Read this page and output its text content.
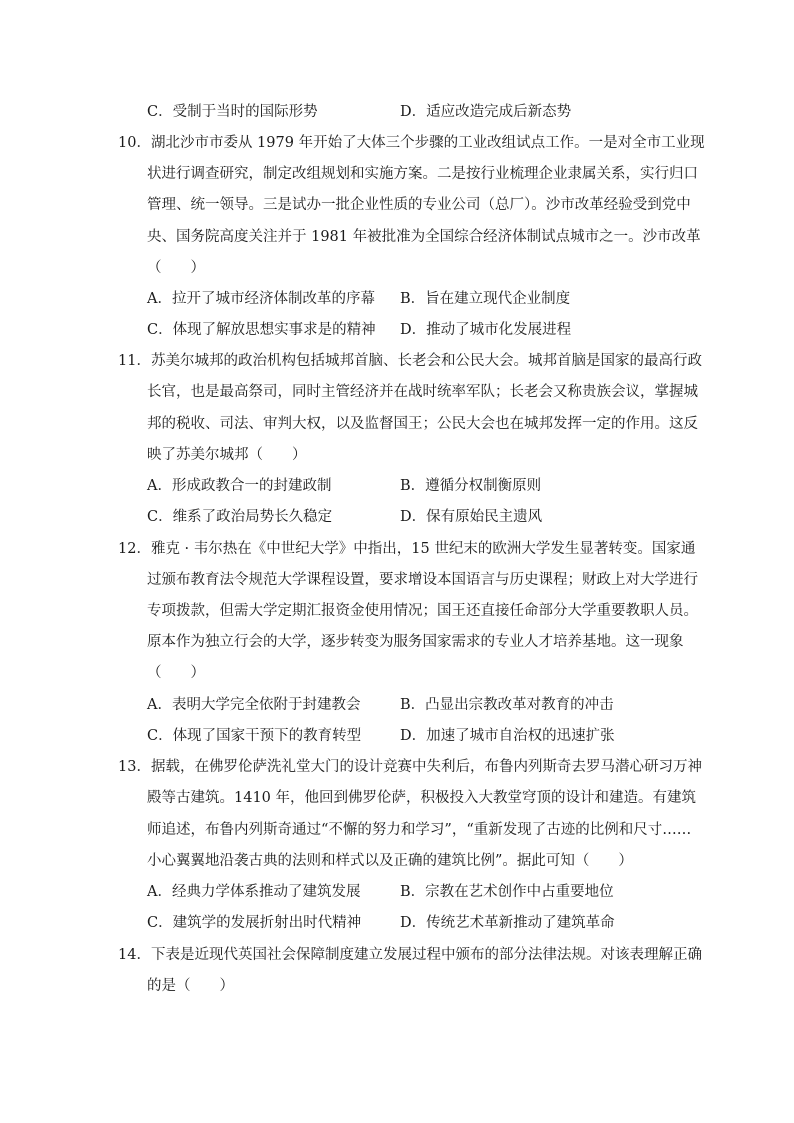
C．受制于当时的国际形势	D．适应改造完成后新态势
10．湖北沙市市委从 1979 年开始了大体三个步骤的工业改组试点工作。一是对全市工业现
状进行调查研究，制定改组规划和实施方案。二是按行业梳理企业隶属关系，实行归口
管理、统一领导。三是试办一批企业性质的专业公司（总厂）。沙市改革经验受到党中
央、国务院高度关注并于 1981 年被批准为全国综合经济体制试点城市之一。沙市改革
（　　）
A．拉开了城市经济体制改革的序幕 B．旨在建立现代企业制度
C．体现了解放思想实事求是的精神 D．推动了城市化发展进程
11．苏美尔城邦的政治机构包括城邦首脑、长老会和公民大会。城邦首脑是国家的最高行政
长官，也是最高祭司，同时主管经济并在战时统率军队；长老会又称贵族会议，掌握城
邦的税收、司法、审判大权，以及监督国王；公民大会也在城邦发挥一定的作用。这反
映了苏美尔城邦（　　）
A．形成政教合一的封建政制	B．遵循分权制衡原则
C．维系了政治局势长久稳定	D．保有原始民主遗风
12．雅克 · 韦尔热在《中世纪大学》中指出，15 世纪末的欧洲大学发生显著转变。国家通
过颁布教育法令规范大学课程设置，要求增设本国语言与历史课程；财政上对大学进行
专项拨款，但需大学定期汇报资金使用情况；国王还直接任命部分大学重要教职人员。
原本作为独立行会的大学，逐步转变为服务国家需求的专业人才培养基地。这一现象
（　　）
A．表明大学完全依附于封建教会	B．凸显出宗教改革对教育的冲击
C．体现了国家干预下的教育转型	D．加速了城市自治权的迅速扩张
13．据载，在佛罗伦萨洗礼堂大门的设计竞赛中失利后，布鲁内列斯奇去罗马潜心研习万神
殿等古建筑。1410 年，他回到佛罗伦萨，积极投入大教堂穹顶的设计和建造。有建筑
师追述，布鲁内列斯奇通过“不懈的努力和学习”，“重新发现了古迹的比例和尺寸……
小心翼翼地沿袭古典的法则和样式以及正确的建筑比例”。据此可知（　　）
A．经典力学体系推动了建筑发展	B．宗教在艺术创作中占重要地位
C．建筑学的发展折射出时代精神	D．传统艺术革新推动了建筑革命
14．下表是近现代英国社会保障制度建立发展过程中颁布的部分法律法规。对该表理解正确
的是（　　）
